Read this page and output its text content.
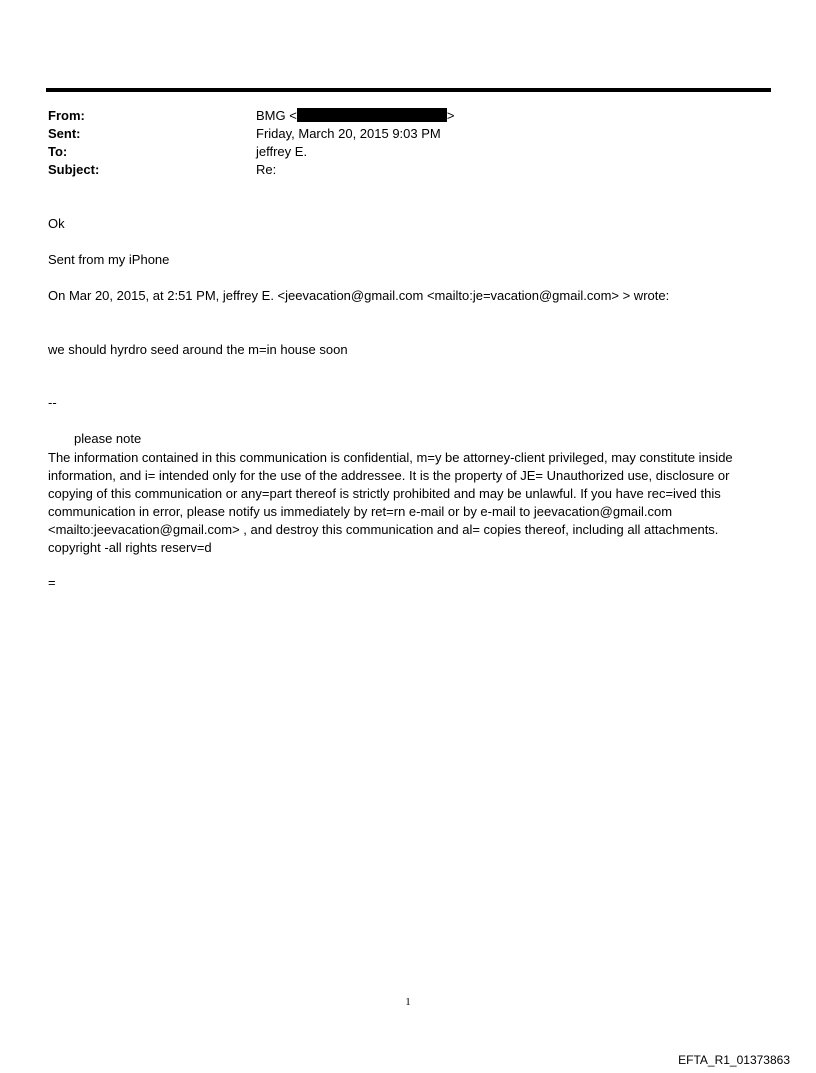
From:	BMG <	>
Sent:	Friday, March 20, 2015 9:03 PM
To:	jeffrey E.
Subject:	Re:
Ok
Sent from my iPhone
On Mar 20, 2015, at 2:51 PM, jeffrey E. <jeevacation@gmail.com <mailto:je=vacation@gmail.com> > wrote:
we should hyrdro seed around the m=in house soon
--
please note
The information contained in this communication is confidential, m=y be attorney-client privileged, may constitute inside information, and i= intended only for the use of the addressee. It is the property of JE= Unauthorized use, disclosure or copying of this communication or any=part thereof is strictly prohibited and may be unlawful. If you have rec=ived this communication in error, please notify us immediately by ret=rn e-mail or by e-mail to jeevacation@gmail.com <mailto:jeevacation@gmail.com> , and destroy this communication and al= copies thereof, including all attachments. copyright -all rights reserv=d
=
1
EFTA_R1_01373863
